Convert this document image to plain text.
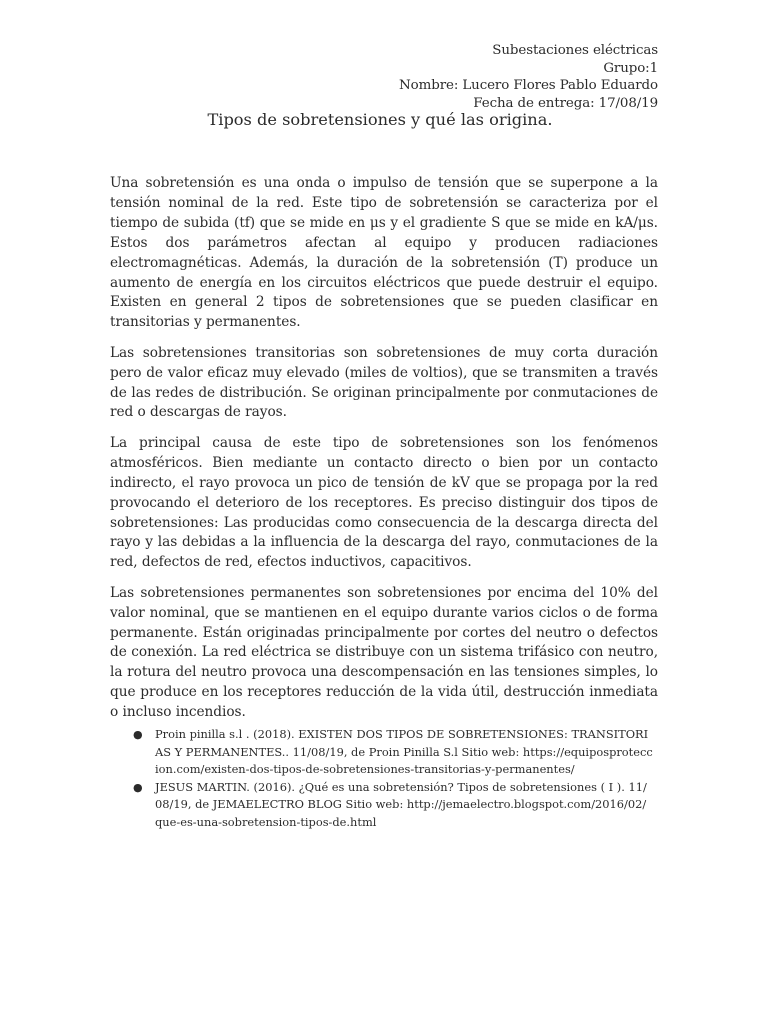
Subestaciones eléctricas
Grupo:1
Nombre: Lucero Flores Pablo Eduardo
Fecha de entrega: 17/08/19
Tipos de sobretensiones y qué las origina.

Una sobretensión es una onda o impulso de tensión que se superpone a la tensión nominal de la red. Este tipo de sobretensión se caracteriza por el tiempo de subida (tf) que se mide en μs y el gradiente S que se mide en kA/μs. Estos dos parámetros afectan al equipo y producen radiaciones electromagnéticas. Además, la duración de la sobretensión (T) produce un aumento de energía en los circuitos eléctricos que puede destruir el equipo. Existen en general 2 tipos de sobretensiones que se pueden clasificar en transitorias y permanentes.

Las sobretensiones transitorias son sobretensiones de muy corta duración pero de valor eficaz muy elevado (miles de voltios), que se transmiten a través de las redes de distribución. Se originan principalmente por conmutaciones de red o descargas de rayos.

La principal causa de este tipo de sobretensiones son los fenómenos atmosféricos. Bien mediante un contacto directo o bien por un contacto indirecto, el rayo provoca un pico de tensión de kV que se propaga por la red provocando el deterioro de los receptores. Es preciso distinguir dos tipos de sobretensiones: Las producidas como consecuencia de la descarga directa del rayo y las debidas a la influencia de la descarga del rayo, conmutaciones de la red, defectos de red, efectos inductivos, capacitivos.

Las sobretensiones permanentes son sobretensiones por encima del 10% del valor nominal, que se mantienen en el equipo durante varios ciclos o de forma permanente. Están originadas principalmente por cortes del neutro o defectos de conexión. La red eléctrica se distribuye con un sistema trifásico con neutro, la rotura del neutro provoca una descompensación en las tensiones simples, lo que produce en los receptores reducción de la vida útil, destrucción inmediata o incluso incendios.

● Proin pinilla s.l . (2018). EXISTEN DOS TIPOS DE SOBRETENSIONES: TRANSITORIAS Y PERMANENTES.. 11/08/19, de Proin Pinilla S.l Sitio web: https://equiposproteccion.com/existen-dos-tipos-de-sobretensiones-transitorias-y-permanentes/
● JESUS MARTIN. (2016). ¿Qué es una sobretensión? Tipos de sobretensiones ( I ). 11/08/19, de JEMAELECTRO BLOG Sitio web: http://jemaelectro.blogspot.com/2016/02/que-es-una-sobretension-tipos-de.html
